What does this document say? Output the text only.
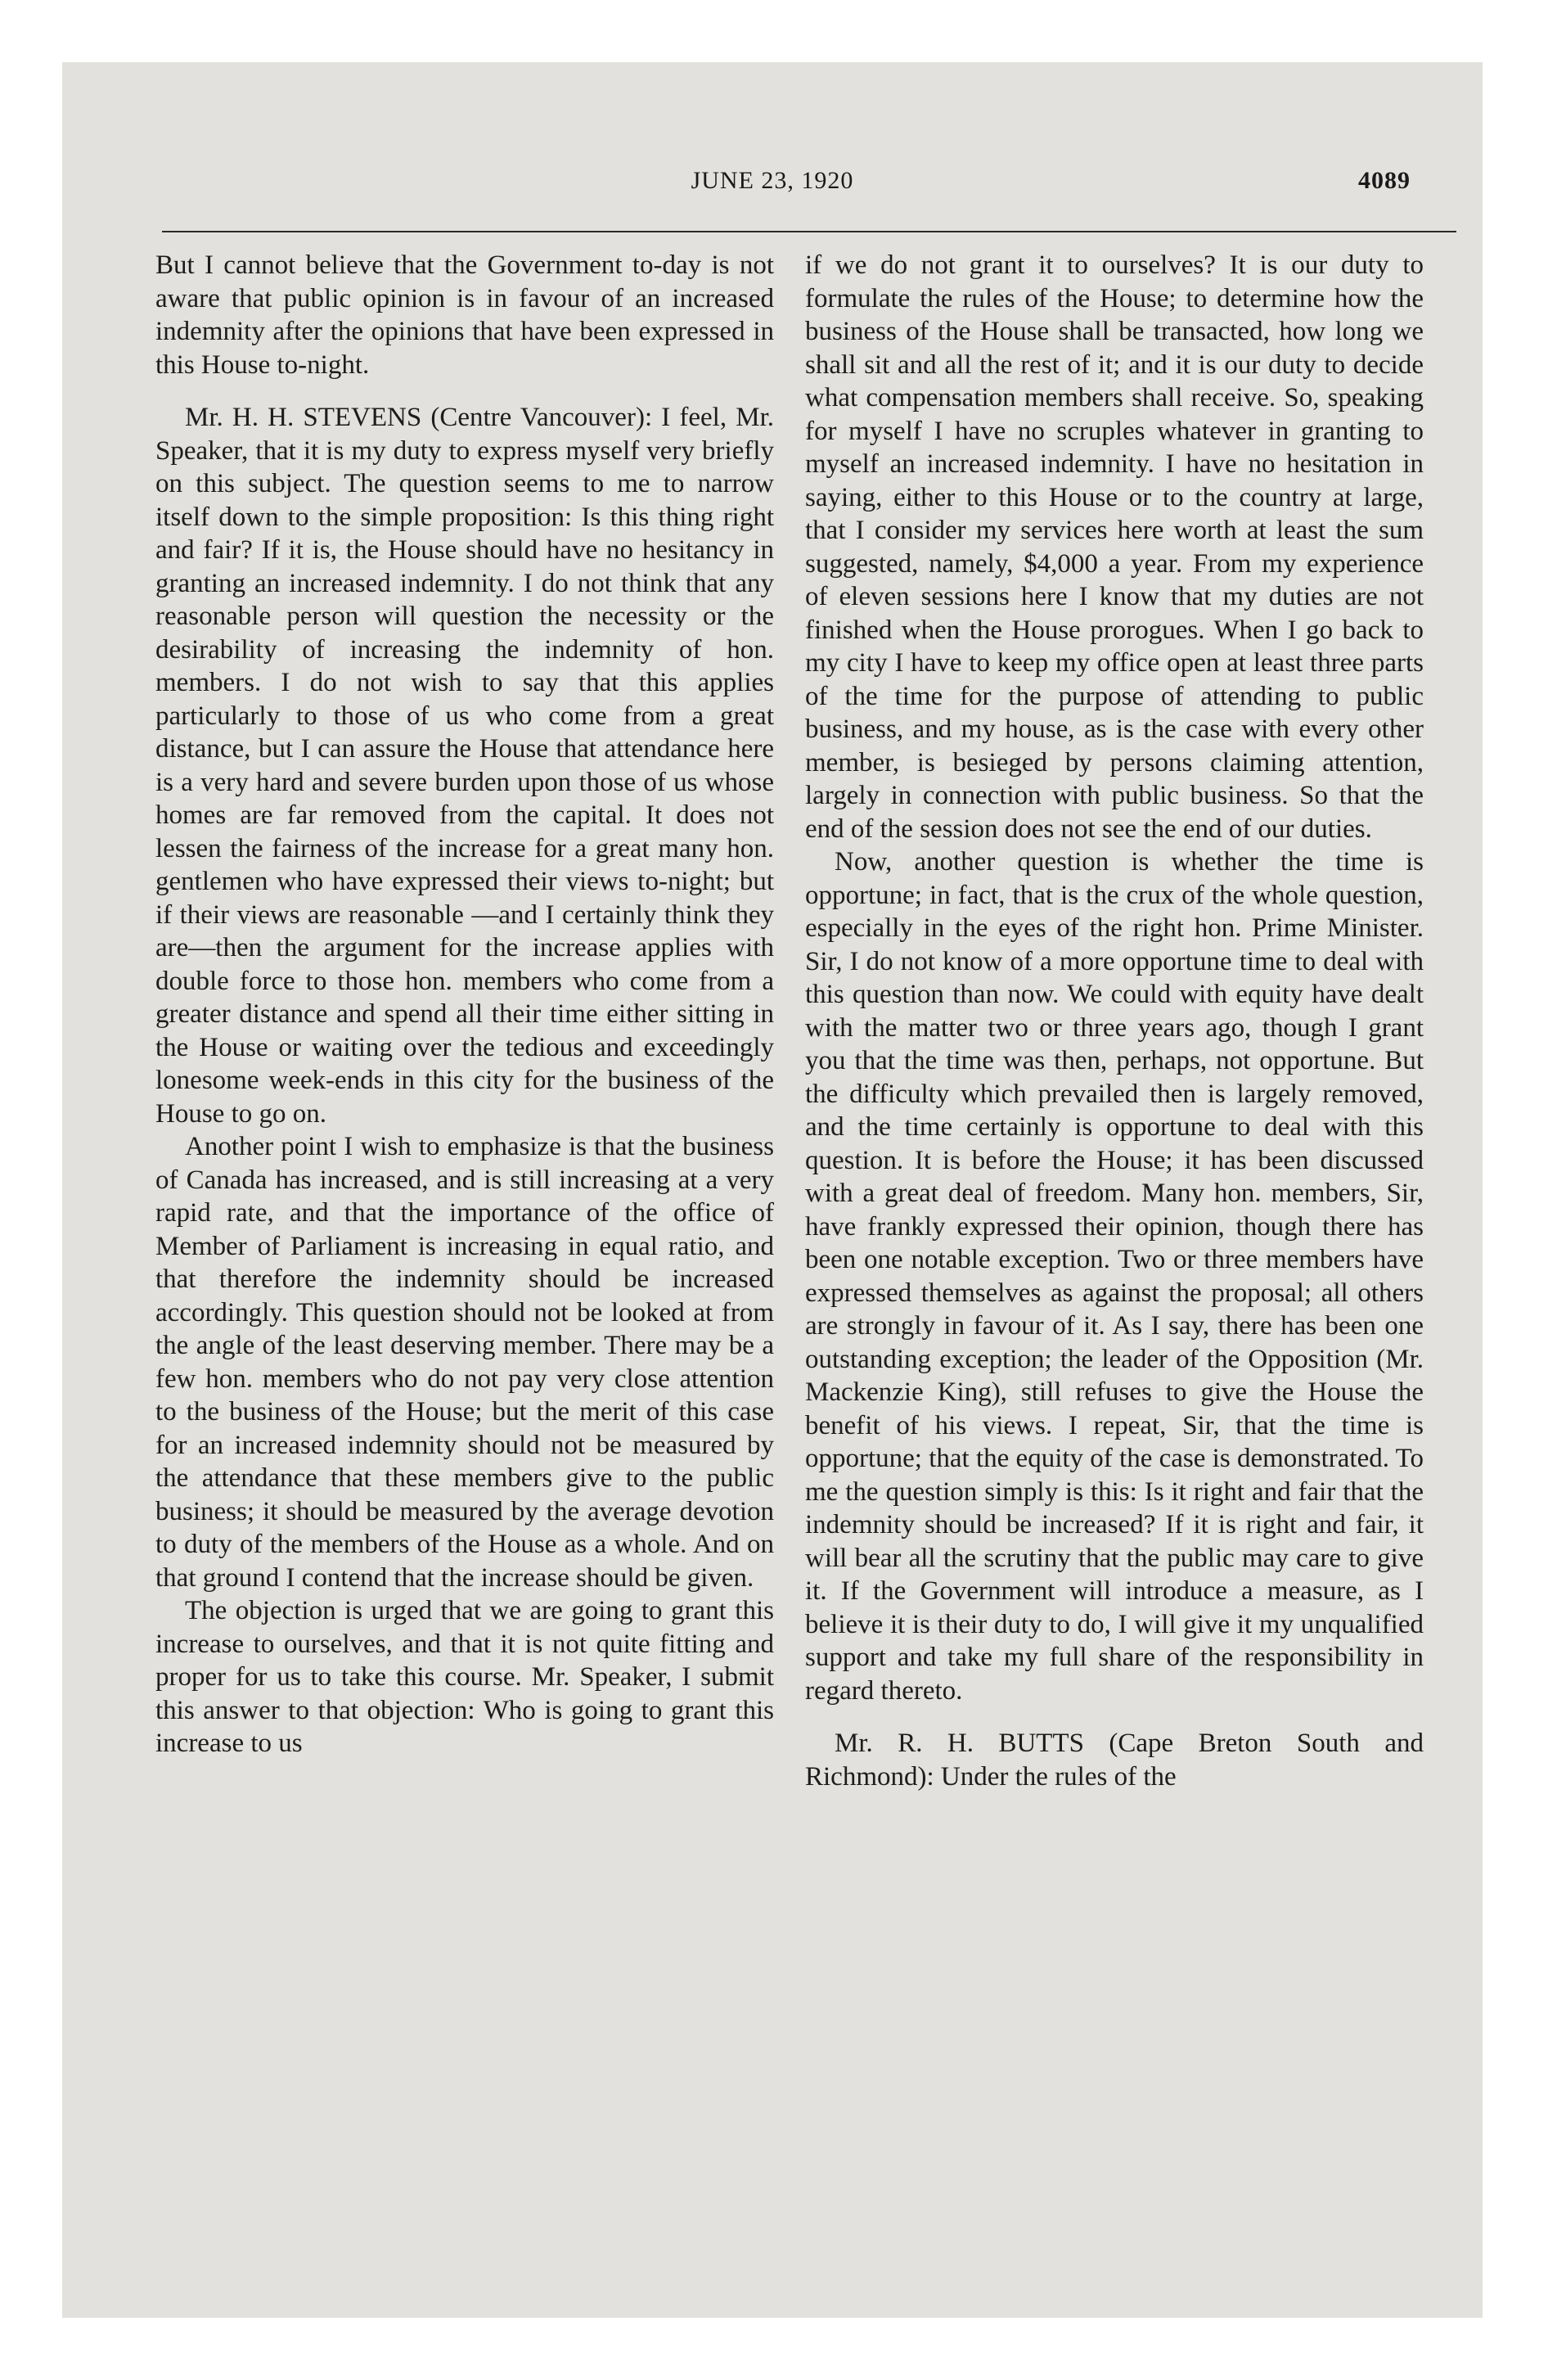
JUNE 23, 1920	4089

But I cannot believe that the Government to-day is not aware that public opinion is in favour of an increased indemnity after the opinions that have been expressed in this House to-night.

Mr. H. H. STEVENS (Centre Vancouver): I feel, Mr. Speaker, that it is my duty to express myself very briefly on this subject. The question seems to me to narrow itself down to the simple proposition: Is this thing right and fair? If it is, the House should have no hesitancy in granting an increased indemnity. I do not think that any reasonable person will question the necessity or the desirability of increasing the indemnity of hon. members. I do not wish to say that this applies particularly to those of us who come from a great distance, but I can assure the House that attendance here is a very hard and severe burden upon those of us whose homes are far removed from the capital. It does not lessen the fairness of the increase for a great many hon. gentlemen who have expressed their views to-night; but if their views are reasonable —and I certainly think they are—then the argument for the increase applies with double force to those hon. members who come from a greater distance and spend all their time either sitting in the House or waiting over the tedious and exceedingly lonesome week-ends in this city for the business of the House to go on.

Another point I wish to emphasize is that the business of Canada has increased, and is still increasing at a very rapid rate, and that the importance of the office of Member of Parliament is increasing in equal ratio, and that therefore the indemnity should be increased accordingly. This question should not be looked at from the angle of the least deserving member. There may be a few hon. members who do not pay very close attention to the business of the House; but the merit of this case for an increased indemnity should not be measured by the attendance that these members give to the public business; it should be measured by the average devotion to duty of the members of the House as a whole. And on that ground I contend that the increase should be given.

The objection is urged that we are going to grant this increase to ourselves, and that it is not quite fitting and proper for us to take this course. Mr. Speaker, I submit this answer to that objection: Who is going to grant this increase to us

if we do not grant it to ourselves? It is our duty to formulate the rules of the House; to determine how the business of the House shall be transacted, how long we shall sit and all the rest of it; and it is our duty to decide what compensation members shall receive. So, speaking for myself I have no scruples whatever in granting to myself an increased indemnity. I have no hesitation in saying, either to this House or to the country at large, that I consider my services here worth at least the sum suggested, namely, $4,000 a year. From my experience of eleven sessions here I know that my duties are not finished when the House prorogues. When I go back to my city I have to keep my office open at least three parts of the time for the purpose of attending to public business, and my house, as is the case with every other member, is besieged by persons claiming attention, largely in connection with public business. So that the end of the session does not see the end of our duties.

Now, another question is whether the time is opportune; in fact, that is the crux of the whole question, especially in the eyes of the right hon. Prime Minister. Sir, I do not know of a more opportune time to deal with this question than now. We could with equity have dealt with the matter two or three years ago, though I grant you that the time was then, perhaps, not opportune. But the difficulty which prevailed then is largely removed, and the time certainly is opportune to deal with this question. It is before the House; it has been discussed with a great deal of freedom. Many hon. members, Sir, have frankly expressed their opinion, though there has been one notable exception. Two or three members have expressed themselves as against the proposal; all others are strongly in favour of it. As I say, there has been one outstanding exception; the leader of the Opposition (Mr. Mackenzie King), still refuses to give the House the benefit of his views. I repeat, Sir, that the time is opportune; that the equity of the case is demonstrated. To me the question simply is this: Is it right and fair that the indemnity should be increased? If it is right and fair, it will bear all the scrutiny that the public may care to give it. If the Government will introduce a measure, as I believe it is their duty to do, I will give it my unqualified support and take my full share of the responsibility in regard thereto.

Mr. R. H. BUTTS (Cape Breton South and Richmond): Under the rules of the
